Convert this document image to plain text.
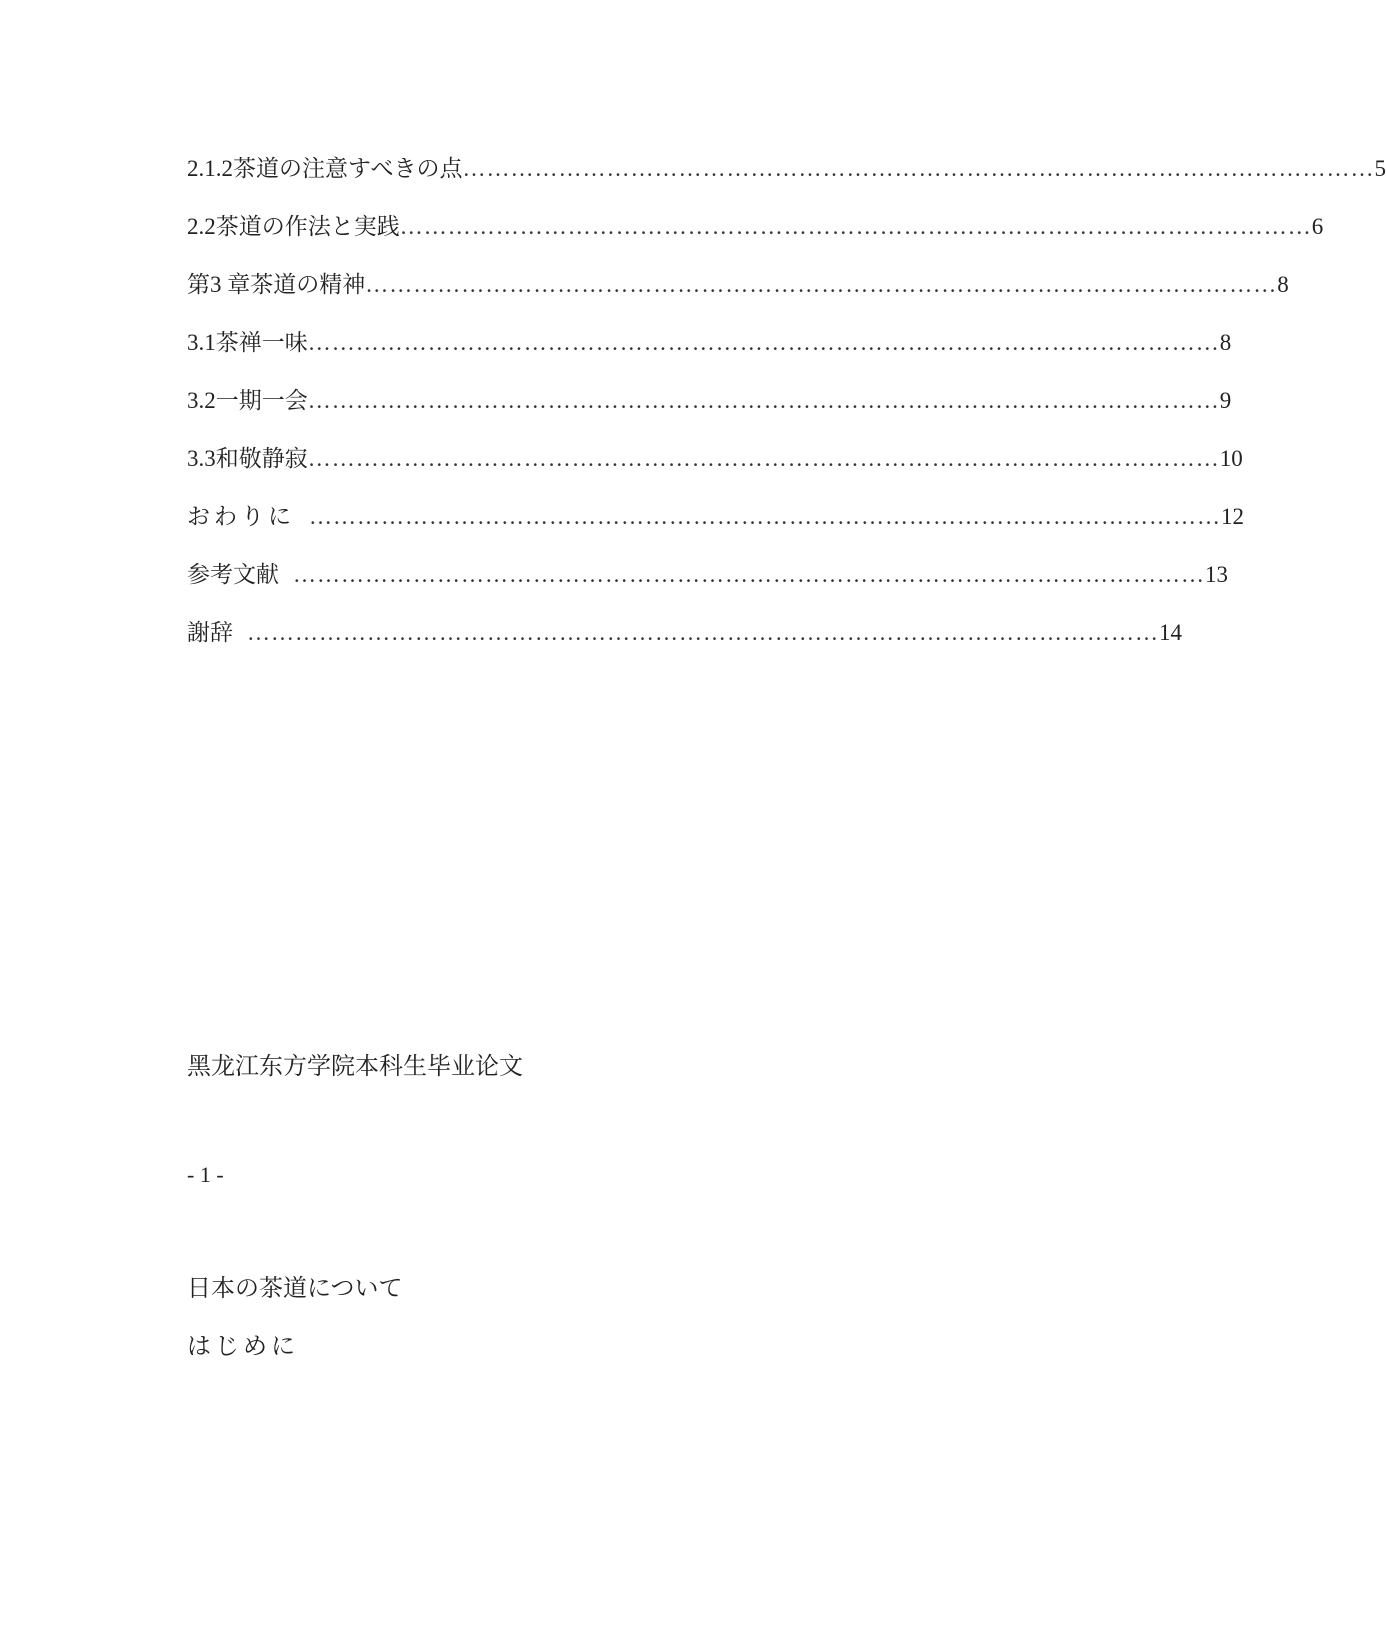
2.1.2 茶道の注意すべきの点 …………………………………………………………………………………………………… 5
2.2 茶道の作法と実践 …………………………………………………………………………………………………… 6
第3 章 茶道の精神 …………………………………………………………………………………………………… 8
3.1 茶禅一味 …………………………………………………………………………………………………… 8
3.2 一期一会 …………………………………………………………………………………………………… 9
3.3 和敬静寂 …………………………………………………………………………………………………… 10
おわりに …………………………………………………………………………………………………… 12
参考文献 …………………………………………………………………………………………………… 13
謝辞 …………………………………………………………………………………………………… 14
黑龙江东方学院本科生毕业论文
- 1 -
日本の茶道について
はじめに
